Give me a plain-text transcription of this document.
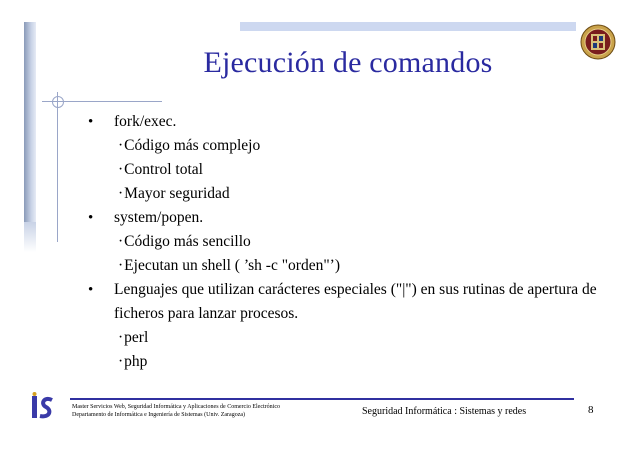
Ejecución de comandos
• fork/exec.
·Código más complejo
·Control total
·Mayor seguridad
• system/popen.
·Código más sencillo
·Ejecutan un shell ( ’sh -c "orden"’)
• Lenguajes que utilizan carácteres especiales ("|") en sus rutinas de apertura de ficheros para lanzar procesos.
·perl
·php
Master Servicios Web, Seguridad Informática y Aplicaciones de Comercio Electrónico
Departamento de Informática e Ingeniería de Sistemas (Univ. Zaragoza)	Seguridad Informática : Sistemas y redes	8
